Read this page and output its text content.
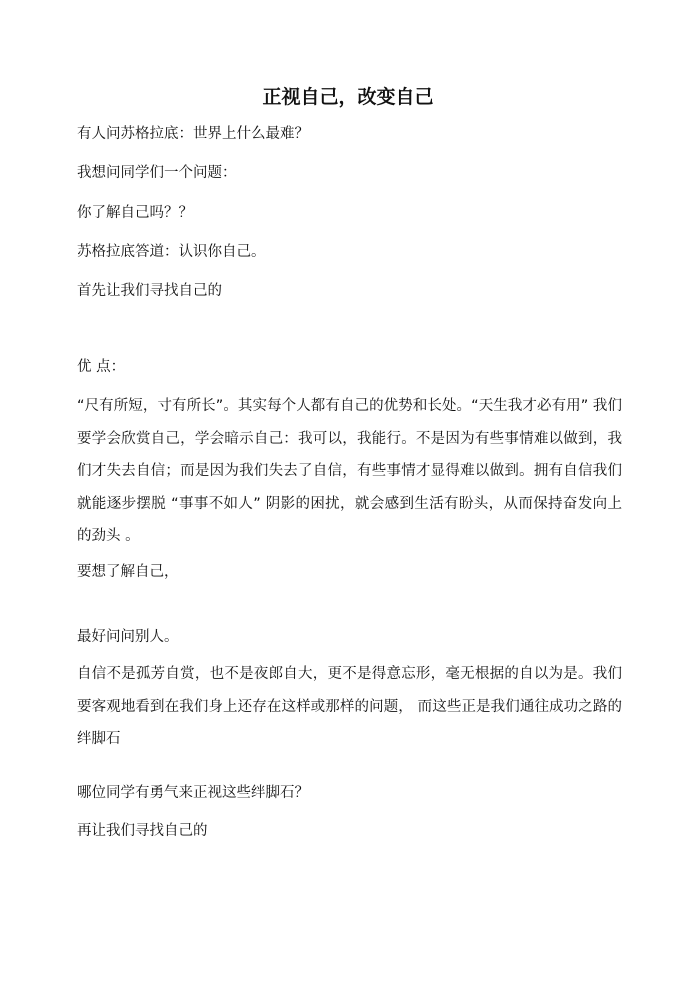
正视自己，改变自己

有人问苏格拉底：世界上什么最难？

我想问同学们一个问题：

你了解自己吗？？

苏格拉底答道：认识你自己。

首先让我们寻找自己的

优 点：

“尺有所短，寸有所长”。其实每个人都有自己的优势和长处。“天生我才必有用” 我们要学会欣赏自己，学会暗示自己：我可以，我能行。不是因为有些事情难以做到，我们才失去自信；而是因为我们失去了自信，有些事情才显得难以做到。拥有自信我们就能逐步摆脱 “事事不如人” 阴影的困扰，就会感到生活有盼头，从而保持奋发向上的劲头 。

要想了解自己，

最好问问别人。

自信不是孤芳自赏，也不是夜郎自大，更不是得意忘形，毫无根据的自以为是。我们要客观地看到在我们身上还存在这样或那样的问题， 而这些正是我们通往成功之路的绊脚石

哪位同学有勇气来正视这些绊脚石？

再让我们寻找自己的
